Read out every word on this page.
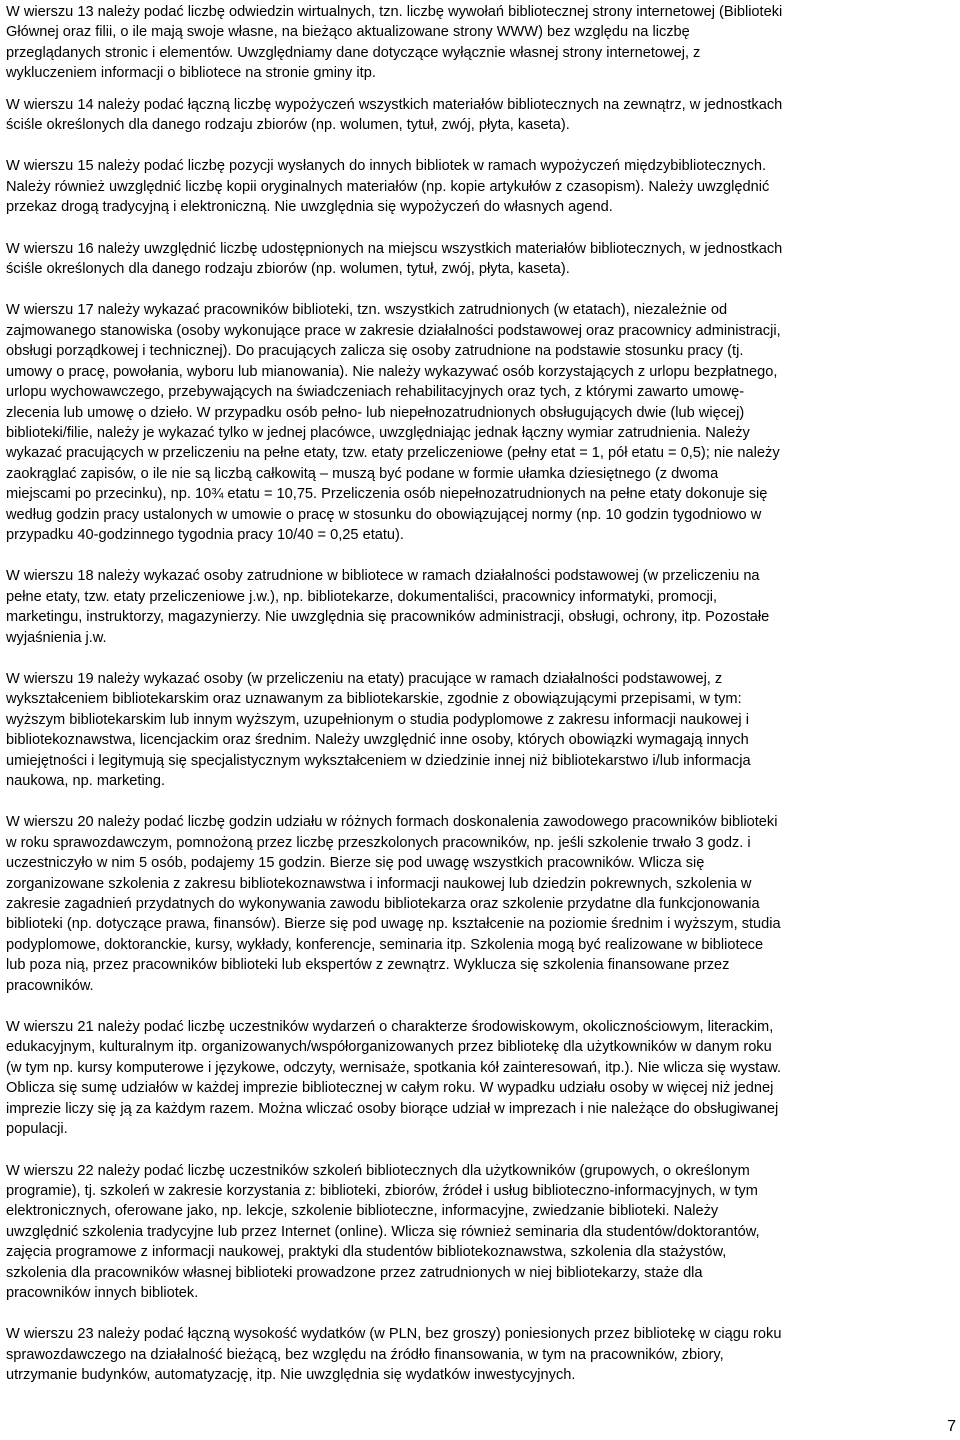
W wierszu 13 należy podać liczbę odwiedzin wirtualnych, tzn. liczbę wywołań bibliotecznej strony internetowej (Biblioteki
Głównej oraz filii, o ile mają swoje własne, na bieżąco aktualizowane strony WWW) bez względu na liczbę
przeglądanych stronic i elementów. Uwzględniamy dane dotyczące wyłącznie własnej strony internetowej, z
wykluczeniem informacji o bibliotece na stronie gminy itp.

W wierszu 14 należy podać łączną liczbę wypożyczeń wszystkich materiałów bibliotecznych na zewnątrz, w jednostkach
ściśle określonych dla danego rodzaju zbiorów (np. wolumen, tytuł, zwój, płyta, kaseta).

W wierszu 15 należy podać liczbę pozycji wysłanych do innych bibliotek w ramach wypożyczeń międzybibliotecznych.
Należy również uwzględnić liczbę kopii oryginalnych materiałów (np. kopie artykułów z czasopism). Należy uwzględnić
przekaz drogą tradycyjną i elektroniczną. Nie uwzględnia się wypożyczeń do własnych agend.

W wierszu 16 należy uwzględnić liczbę udostępnionych na miejscu wszystkich materiałów bibliotecznych, w jednostkach
ściśle określonych dla danego rodzaju zbiorów (np. wolumen, tytuł, zwój, płyta, kaseta).

W wierszu 17 należy wykazać pracowników biblioteki, tzn. wszystkich zatrudnionych (w etatach), niezależnie od
zajmowanego stanowiska (osoby wykonujące prace w zakresie działalności podstawowej oraz pracownicy administracji,
obsługi porządkowej i technicznej). Do pracujących zalicza się osoby zatrudnione na podstawie stosunku pracy (tj.
umowy o pracę, powołania, wyboru lub mianowania). Nie należy wykazywać osób korzystających z urlopu bezpłatnego,
urlopu wychowawczego, przebywających na świadczeniach rehabilitacyjnych oraz tych, z którymi zawarto umowę-
zlecenia lub umowę o dzieło. W przypadku osób pełno- lub niepełnozatrudnionych obsługujących dwie (lub więcej)
biblioteki/filie, należy je wykazać tylko w jednej placówce, uwzględniając jednak łączny wymiar zatrudnienia. Należy
wykazać pracujących w przeliczeniu na pełne etaty, tzw. etaty przeliczeniowe (pełny etat = 1, pół etatu = 0,5); nie należy
zaokrąglać zapisów, o ile nie są liczbą całkowitą – muszą być podane w formie ułamka dziesiętnego (z dwoma
miejscami po przecinku), np. 10¾ etatu = 10,75. Przeliczenia osób niepełnozatrudnionych na pełne etaty dokonuje się
według godzin pracy ustalonych w umowie o pracę w stosunku do obowiązującej normy (np. 10 godzin tygodniowo w
przypadku 40-godzinnego tygodnia pracy 10/40 = 0,25 etatu).

W wierszu 18 należy wykazać osoby zatrudnione w bibliotece w ramach działalności podstawowej (w przeliczeniu na
pełne etaty, tzw. etaty przeliczeniowe j.w.), np. bibliotekarze, dokumentaliści, pracownicy informatyki, promocji,
marketingu, instruktorzy, magazynierzy. Nie uwzględnia się pracowników administracji, obsługi, ochrony, itp. Pozostałe
wyjaśnienia j.w.

W wierszu 19 należy wykazać osoby (w przeliczeniu na etaty) pracujące w ramach działalności podstawowej, z
wykształceniem bibliotekarskim oraz uznawanym za bibliotekarskie, zgodnie z obowiązującymi przepisami, w tym:
wyższym bibliotekarskim lub innym wyższym, uzupełnionym o studia podyplomowe z zakresu informacji naukowej i
bibliotekoznawstwa, licencjackim oraz średnim. Należy uwzględnić inne osoby, których obowiązki wymagają innych
umiejętności i legitymują się specjalistycznym wykształceniem w dziedzinie innej niż bibliotekarstwo i/lub informacja
naukowa, np. marketing.

W wierszu 20 należy podać liczbę godzin udziału w różnych formach doskonalenia zawodowego pracowników biblioteki
w roku sprawozdawczym, pomnożoną przez liczbę przeszkolonych pracowników, np. jeśli szkolenie trwało 3 godz. i
uczestniczyło w nim 5 osób, podajemy 15 godzin. Bierze się pod uwagę wszystkich pracowników. Wlicza się
zorganizowane szkolenia z zakresu bibliotekoznawstwa i informacji naukowej lub dziedzin pokrewnych, szkolenia w
zakresie zagadnień przydatnych do wykonywania zawodu bibliotekarza oraz szkolenie przydatne dla funkcjonowania
biblioteki (np. dotyczące prawa, finansów). Bierze się pod uwagę np. kształcenie na poziomie średnim i wyższym, studia
podyplomowe, doktoranckie, kursy, wykłady, konferencje, seminaria itp. Szkolenia mogą być realizowane w bibliotece
lub poza nią, przez pracowników biblioteki lub ekspertów z zewnątrz. Wyklucza się szkolenia finansowane przez
pracowników.

W wierszu 21 należy podać liczbę uczestników wydarzeń o charakterze środowiskowym, okolicznościowym, literackim,
edukacyjnym, kulturalnym itp. organizowanych/współorganizowanych przez bibliotekę dla użytkowników w danym roku
(w tym np. kursy komputerowe i językowe, odczyty, wernisaże, spotkania kół zainteresowań, itp.). Nie wlicza się wystaw.
Oblicza się sumę udziałów w każdej imprezie bibliotecznej w całym roku. W wypadku udziału osoby w więcej niż jednej
imprezie liczy się ją za każdym razem. Można wliczać osoby biorące udział w imprezach i nie należące do obsługiwanej
populacji.

W wierszu 22 należy podać liczbę uczestników szkoleń bibliotecznych dla użytkowników (grupowych, o określonym
programie), tj. szkoleń w zakresie korzystania z: biblioteki, zbiorów, źródeł i usług biblioteczno-informacyjnych, w tym
elektronicznych, oferowane jako, np. lekcje, szkolenie biblioteczne, informacyjne, zwiedzanie biblioteki. Należy
uwzględnić szkolenia tradycyjne lub przez Internet (online). Wlicza się również seminaria dla studentów/doktorantów,
zajęcia programowe z informacji naukowej, praktyki dla studentów bibliotekoznawstwa, szkolenia dla stażystów,
szkolenia dla pracowników własnej biblioteki prowadzone przez zatrudnionych w niej bibliotekarzy, staże dla
pracowników innych bibliotek.

W wierszu 23 należy podać łączną wysokość wydatków (w PLN, bez groszy) poniesionych przez bibliotekę w ciągu roku
sprawozdawczego na działalność bieżącą, bez względu na źródło finansowania, w tym na pracowników, zbiory,
utrzymanie budynków, automatyzację, itp. Nie uwzględnia się wydatków inwestycyjnych.

7
